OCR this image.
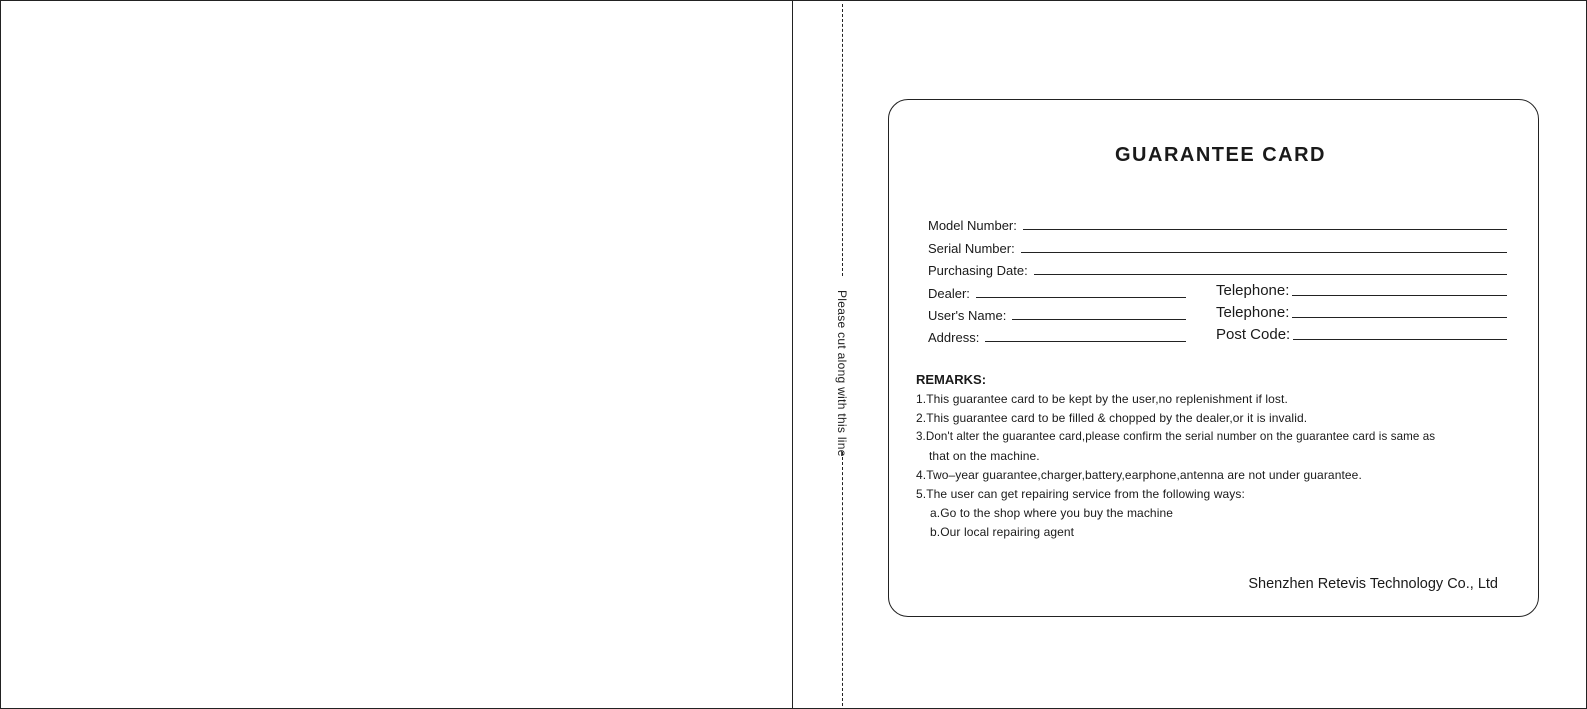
Please cut along with this line
GUARANTEE CARD
Model Number:
Serial Number:
Purchasing Date:
Dealer:	Telephone:
User's Name:	Telephone:
Address:	Post Code:
REMARKS:
1.This guarantee card to be kept by the user,no replenishment if lost.
2.This guarantee card to be filled & chopped by the dealer,or it is invalid.
3.Don't alter the guarantee card,please confirm the serial number on the guarantee card is same as
that on the machine.
4.Two–year guarantee,charger,battery,earphone,antenna are not under guarantee.
5.The user can get repairing service from the following ways:
a.Go to the shop where you buy the machine
b.Our local repairing agent
Shenzhen Retevis Technology Co., Ltd
